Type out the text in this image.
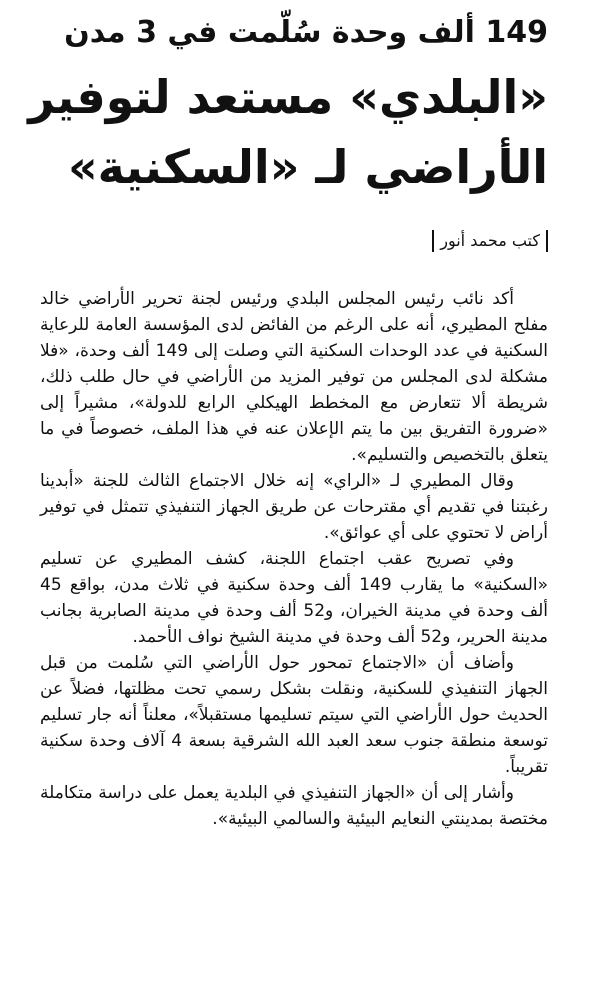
149 ألف وحدة سُلّمت في 3 مدن
«البلدي» مستعد لتوفير
الأراضي لـ «السكنية»
كتب محمد أنور

أكد نائب رئيس المجلس البلدي ورئيس لجنة تحرير الأراضي خالد مفلح المطيري، أنه على الرغم من الفائض لدى المؤسسة العامة للرعاية السكنية في عدد الوحدات السكنية التي وصلت إلى 149 ألف وحدة، «فلا مشكلة لدى المجلس من توفير المزيد من الأراضي في حال طلب ذلك، شريطة ألا تتعارض مع المخطط الهيكلي الرابع للدولة»، مشيراً إلى «ضرورة التفريق بين ما يتم الإعلان عنه في هذا الملف، خصوصاً في ما يتعلق بالتخصيص والتسليم».

وقال المطيري لـ «الراي» إنه خلال الاجتماع الثالث للجنة «أبدينا رغبتنا في تقديم أي مقترحات عن طريق الجهاز التنفيذي تتمثل في توفير أراض لا تحتوي على أي عوائق».

وفي تصريح عقب اجتماع اللجنة، كشف المطيري عن تسليم «السكنية» ما يقارب 149 ألف وحدة سكنية في ثلاث مدن، بواقع 45 ألف وحدة في مدينة الخيران، و52 ألف وحدة في مدينة الصابرية بجانب مدينة الحرير، و52 ألف وحدة في مدينة الشيخ نواف الأحمد.

وأضاف أن «الاجتماع تمحور حول الأراضي التي سُلمت من قبل الجهاز التنفيذي للسكنية، ونقلت بشكل رسمي تحت مظلتها، فضلاً عن الحديث حول الأراضي التي سيتم تسليمها مستقبلاً»، معلناً أنه جار تسليم توسعة منطقة جنوب سعد العبد الله الشرقية بسعة 4 آلاف وحدة سكنية تقريباً.

وأشار إلى أن «الجهاز التنفيذي في البلدية يعمل على دراسة متكاملة مختصة بمدينتي النعايم البيئية والسالمي البيئية».
